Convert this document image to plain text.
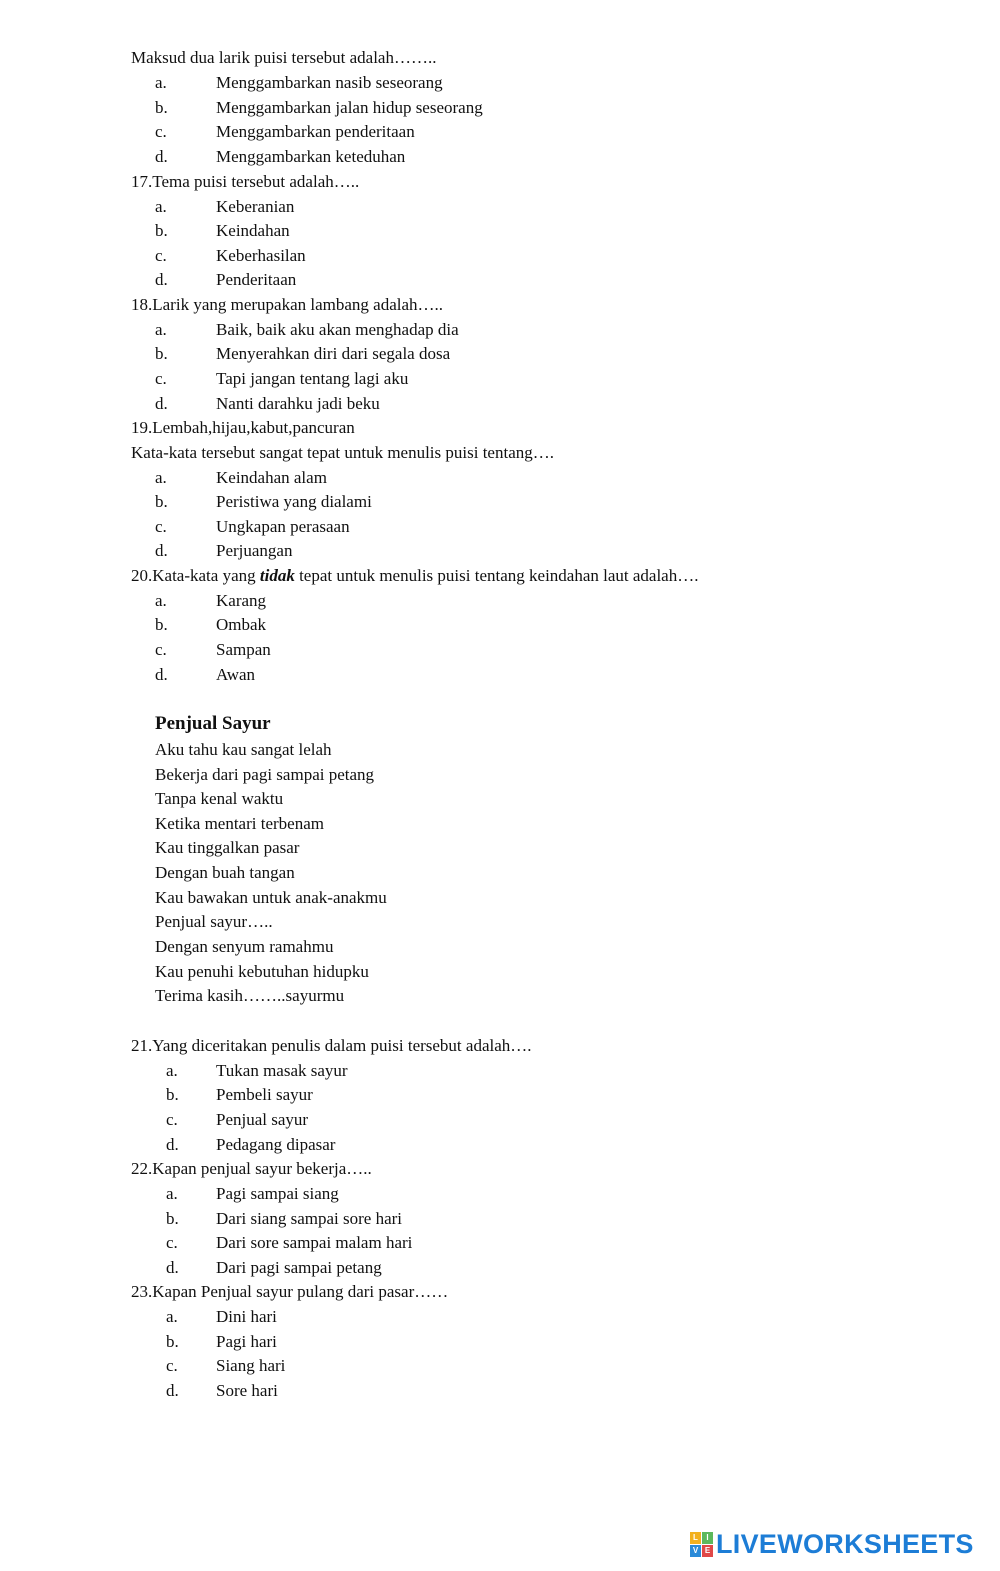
Maksud dua larik puisi tersebut adalah……..
a.	Menggambarkan nasib seseorang
b.	Menggambarkan jalan hidup seseorang
c.	Menggambarkan penderitaan
d.	Menggambarkan keteduhan
17.Tema puisi tersebut adalah…..
a.	Keberanian
b.	Keindahan
c.	Keberhasilan
d.	Penderitaan
18.Larik yang merupakan lambang adalah…..
a.	Baik, baik aku akan menghadap dia
b.	Menyerahkan diri dari segala dosa
c.	Tapi jangan tentang lagi aku
d.	Nanti darahku jadi beku
19.Lembah,hijau,kabut,pancuran
Kata-kata tersebut sangat tepat untuk menulis puisi tentang….
a.	Keindahan alam
b.	Peristiwa yang dialami
c.	Ungkapan perasaan
d.	Perjuangan
20.Kata-kata yang tidak tepat untuk menulis puisi tentang keindahan laut adalah….
a.	Karang
b.	Ombak
c.	Sampan
d.	Awan
Penjual Sayur
Aku tahu kau sangat lelah
Bekerja dari pagi sampai petang
Tanpa kenal waktu
Ketika mentari terbenam
Kau tinggalkan pasar
Dengan buah tangan
Kau bawakan untuk anak-anakmu
Penjual sayur…..
Dengan senyum ramahmu
Kau penuhi kebutuhan hidupku
Terima kasih……..sayurmu
21.Yang diceritakan penulis dalam puisi tersebut adalah….
a. Tukan masak sayur
b. Pembeli sayur
c. Penjual sayur
d. Pedagang dipasar
22.Kapan penjual sayur bekerja…..
a. Pagi sampai siang
b. Dari siang sampai sore hari
c. Dari sore sampai malam hari
d. Dari pagi sampai petang
23.Kapan Penjual sayur pulang dari pasar……
a. Dini hari
b. Pagi hari
c. Siang hari
d. Sore hari
L	I
V E LIVEWORKSHEETS
